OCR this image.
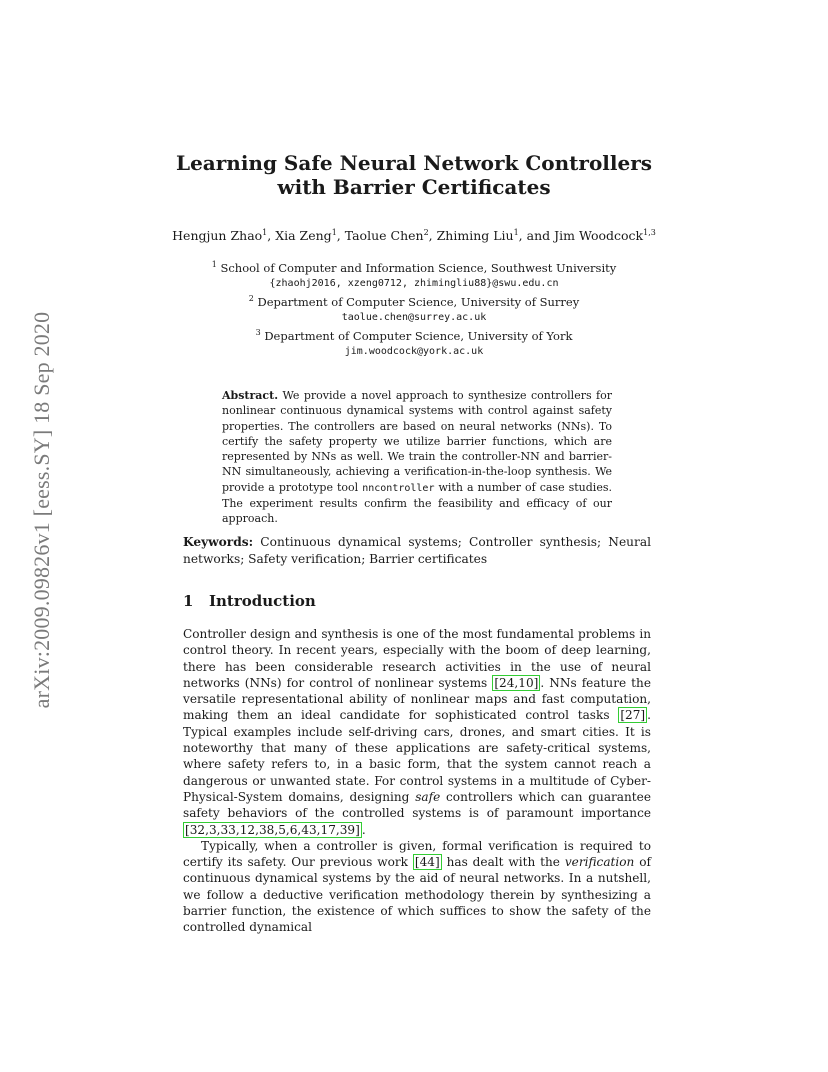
arXiv:2009.09826v1 [eess.SY] 18 Sep 2020
Learning Safe Neural Network Controllers
with Barrier Certificates
Hengjun Zhao$^1$, Xia Zeng$^1$, Taolue Chen$^2$, Zhiming Liu$^1$, and Jim Woodcock$^{1,3}$
$^1$ School of Computer and Information Science, Southwest University
{zhaohj2016, xzeng0712, zhimingliu88}@swu.edu.cn
$^2$ Department of Computer Science, University of Surrey
taolue.chen@surrey.ac.uk
$^3$ Department of Computer Science, University of York
jim.woodcock@york.ac.uk
Abstract. We provide a novel approach to synthesize controllers for nonlinear continuous dynamical systems with control against safety properties. The controllers are based on neural networks (NNs). To certify the safety property we utilize barrier functions, which are represented by NNs as well. We train the controller-NN and barrier-NN simultaneously, achieving a verification-in-the-loop synthesis. We provide a prototype tool nncontroller with a number of case studies. The experiment results confirm the feasibility and efficacy of our approach.
Keywords: Continuous dynamical systems; Controller synthesis; Neural networks; Safety verification; Barrier certificates
1 Introduction

Controller design and synthesis is one of the most fundamental problems in control theory. In recent years, especially with the boom of deep learning, there has been considerable research activities in the use of neural networks (NNs) for control of nonlinear systems [24,10] . NNs feature the versatile representational ability of nonlinear maps and fast computation, making them an ideal candidate for sophisticated control tasks [27] . Typical examples include self-driving cars, drones, and smart cities. It is noteworthy that many of these applications are safety-critical systems, where safety refers to, in a basic form, that the system cannot reach a dangerous or unwanted state. For control systems in a multitude of Cyber-Physical-System domains, designing safe controllers which can guarantee safety behaviors of the controlled systems is of paramount importance [32,3,33,12,38,5,6,43,17,39] .

Typically, when a controller is given, formal verification is required to certify its safety. Our previous work [44] has dealt with the verification of continuous dynamical systems by the aid of neural networks. In a nutshell, we follow a deductive verification methodology therein by synthesizing a barrier function, the existence of which suffices to show the safety of the controlled dynamical
